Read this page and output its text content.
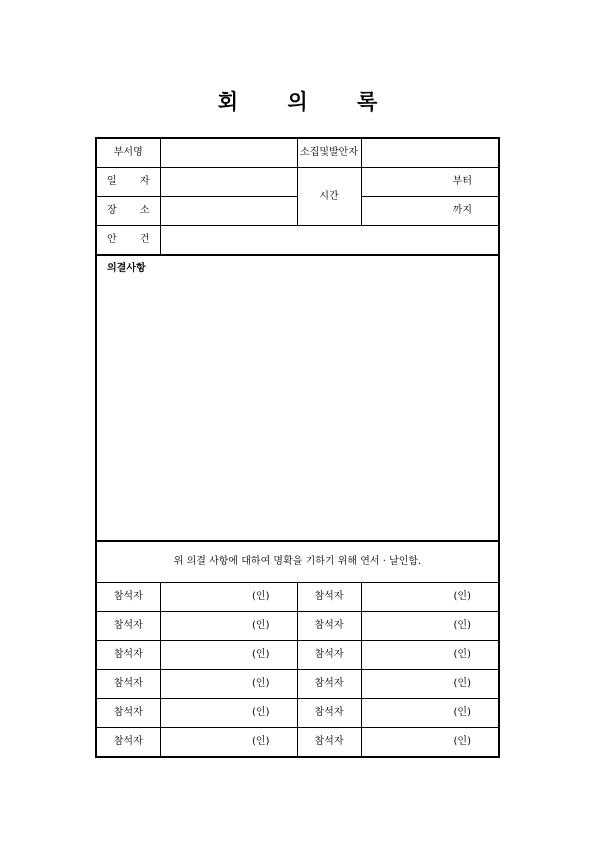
회 의 록
부서명		소집및발안자	
일 자		시간	부터
장 소			까지
안 건			

의결사항			

위 의결 사항에 대하여 명확을 기하기 위해 연서 · 날인함.			
참석자	(인)	참석자	(인)
참석자	(인)	참석자	(인)
참석자	(인)	참석자	(인)
참석자	(인)	참석자	(인)
참석자	(인)	참석자	(인)
참석자	(인)	참석자	(인)
